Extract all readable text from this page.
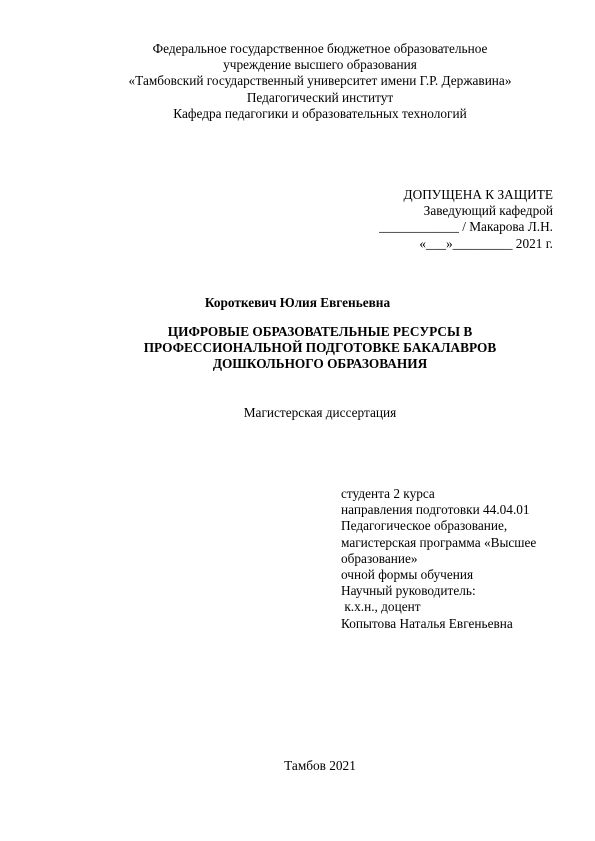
Федеральное государственное бюджетное образовательное
учреждение высшего образования
«Тамбовский государственный университет имени Г.Р. Державина»
Педагогический институт
Кафедра педагогики и образовательных технологий
ДОПУЩЕНА К ЗАЩИТЕ
Заведующий кафедрой
____________ / Макарова Л.Н.
«___»_________ 2021 г.
Короткевич Юлия Евгеньевна
ЦИФРОВЫЕ ОБРАЗОВАТЕЛЬНЫЕ РЕСУРСЫ В
ПРОФЕССИОНАЛЬНОЙ ПОДГОТОВКЕ БАКАЛАВРОВ
ДОШКОЛЬНОГО ОБРАЗОВАНИЯ
Магистерская диссертация
студента 2 курса
направления подготовки 44.04.01
Педагогическое образование,
магистерская программа «Высшее
образование»
очной формы обучения
Научный руководитель:
к.х.н., доцент
Копытова Наталья Евгеньевна
Тамбов 2021
